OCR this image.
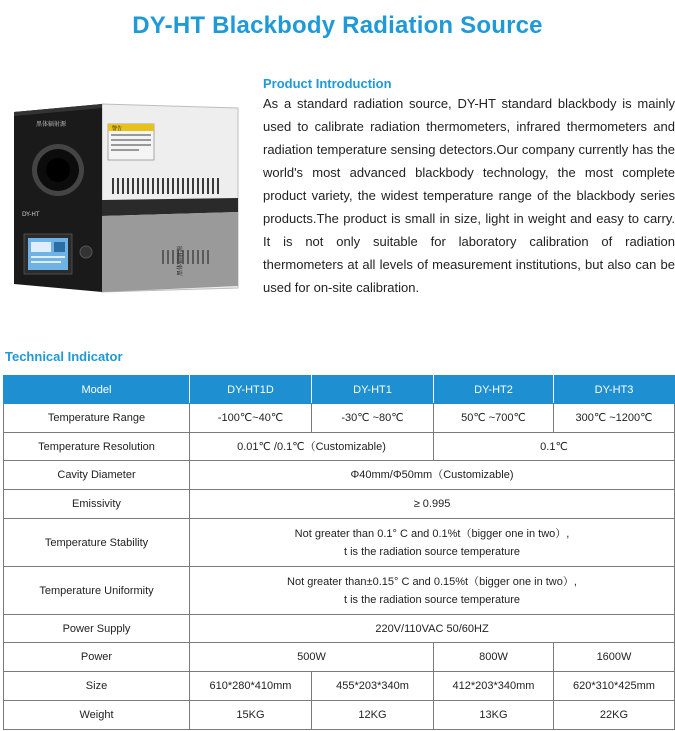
DY-HT Blackbody Radiation Source
警告
黑体辐射源
黑体辐射源
DY-HT
Product Introduction
As a standard radiation source, DY-HT standard blackbody is mainly used to calibrate radiation thermometers, infrared thermometers and radiation temperature sensing detectors.Our company currently has the world's most advanced blackbody technology, the most complete product variety, the widest temperature range of the blackbody series products.The product is small in size, light in weight and easy to carry. It is not only suitable for laboratory calibration of radiation thermometers at all levels of measurement institutions, but also can be used for on-site calibration.
Technical Indicator
Model	DY-HT1D	DY-HT1	DY-HT2	DY-HT3
Temperature Range	-100℃~40℃	-30℃ ~80℃	50℃ ~700℃	300℃ ~1200℃
Temperature Resolution	0.01℃ /0.1℃（Customizable)		0.1℃	
Cavity Diameter	Φ40mm/Φ50mm（Customizable)			
Emissivity	≥ 0.995			
Temperature Stability	Not greater than 0.1° C and 0.1%t（bigger one in two）,
t is the radiation source temperature			

Temperature Uniformity	Not greater than±0.15° C and 0.15%t（bigger one in two）,
t is the radiation source temperature			

Power Supply	220V/110VAC 50/60HZ			
Power	500W		800W	1600W
Size	610*280*410mm	455*203*340m	412*203*340mm	620*310*425mm
Weight	15KG	12KG	13KG	22KG
